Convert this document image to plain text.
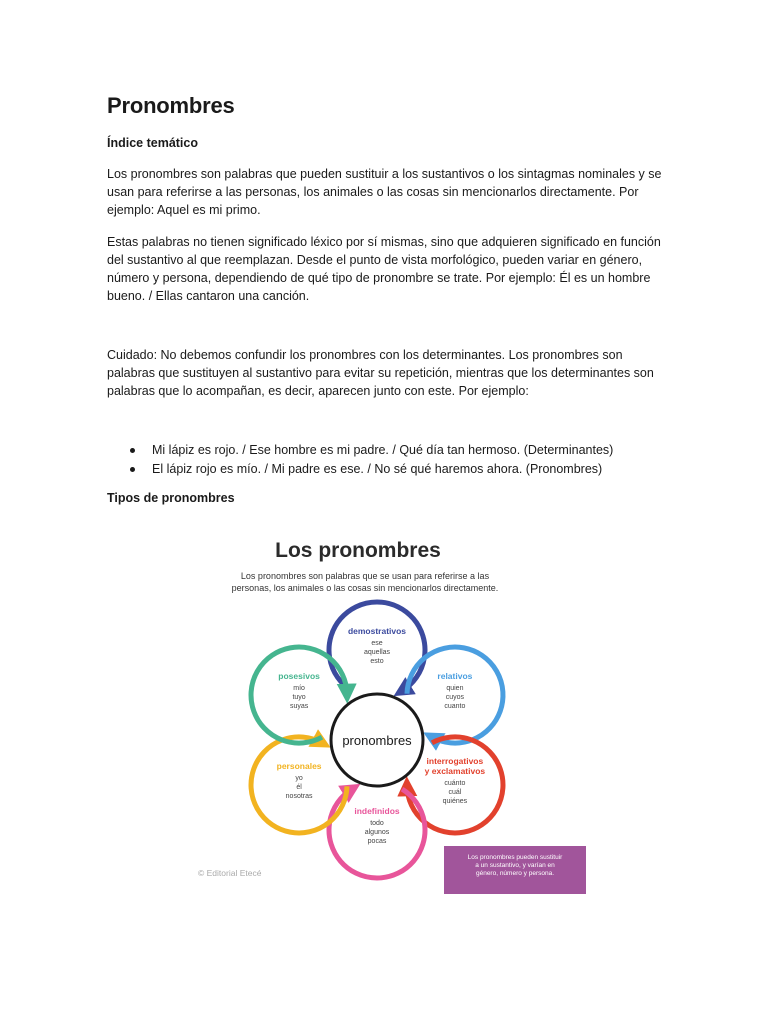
Pronombres
Índice temático

Los pronombres son palabras que pueden sustituir a los sustantivos o los sintagmas nominales y se usan para referirse a las personas, los animales o las cosas sin mencionarlos directamente. Por ejemplo: Aquel es mi primo.

Estas palabras no tienen significado léxico por sí mismas, sino que adquieren significado en función del sustantivo al que reemplazan. Desde el punto de vista morfológico, pueden variar en género, número y persona, dependiendo de qué tipo de pronombre se trate. Por ejemplo: Él es un hombre bueno. / Ellas cantaron una canción.

Cuidado: No debemos confundir los pronombres con los determinantes. Los pronombres son palabras que sustituyen al sustantivo para evitar su repetición, mientras que los determinantes son palabras que lo acompañan, es decir, aparecen junto con este. Por ejemplo:

Mi lápiz es rojo. / Ese hombre es mi padre. / Qué día tan hermoso. (Determinantes)
El lápiz rojo es mío. / Mi padre es ese. / No sé qué haremos ahora. (Pronombres)
Tipos de pronombres
Los pronombres
Los pronombres son palabras que se usan para referirse a las
personas, los animales o las cosas sin mencionarlos directamente.
demostrativos
ese
aquellas
esto
relativos
quien
cuyos
cuanto
interrogativos
y exclamativos
cuánto
cuál
quiénes
indefinidos
todo
algunos
pocas
personales
yo
él
nosotras
posesivos
mío
tuyo
suyas
pronombres
© Editorial Etecé
Los pronombres pueden sustituir
a un sustantivo, y varían en
género, número y persona.
